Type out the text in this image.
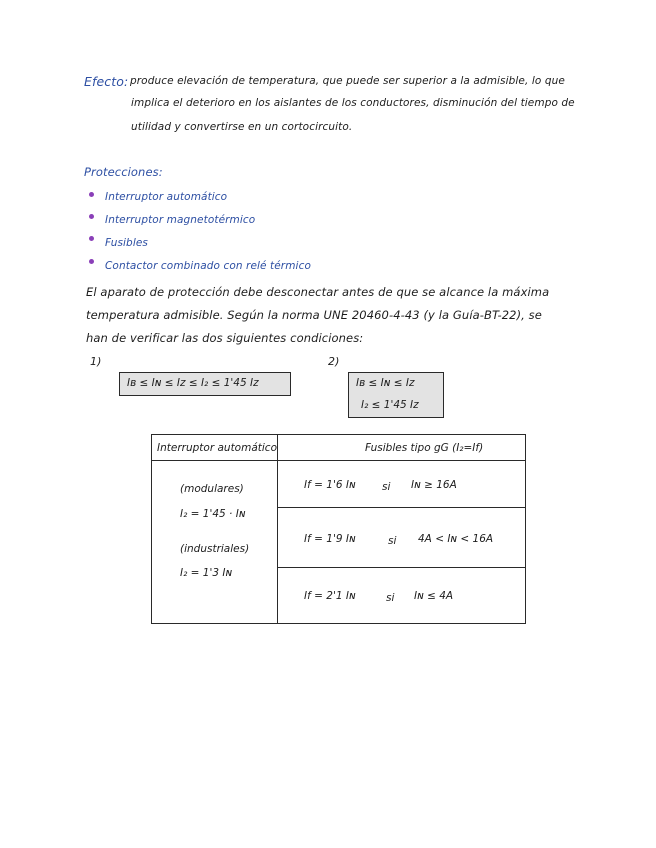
Efecto: produce elevación de temperatura, que puede ser superior a la admisible, lo que
implica el deterioro en los aislantes de los conductores, disminución del tiempo de
utilidad y convertirse en un cortocircuito.
Protecciones:
Interruptor automático
Interruptor magnetotérmico
Fusibles
Contactor combinado con relé térmico
El aparato de protección debe desconectar antes de que se alcance la máxima
temperatura admisible. Según la norma UNE 20460-4-43 (y la Guía-BT-22), se
han de verificar las dos siguientes condiciones:
1)	2)
Iʙ ≤ Iɴ ≤ Iᴢ ≤ I₂ ≤ 1'45 Iᴢ	Iʙ ≤ Iɴ ≤ Iᴢ
I₂ ≤ 1'45 Iᴢ
Interruptor automático	Fusibles tipo gG (I₂=If)
(modulares)
I₂ = 1'45 · Iɴ
(industriales)
I₂ = 1'3 Iɴ
If = 1'6 Iɴ	si Iɴ ≥ 16A
If = 1'9 Iɴ	si 4A < Iɴ < 16A
If = 2'1 Iɴ	si Iɴ ≤ 4A
